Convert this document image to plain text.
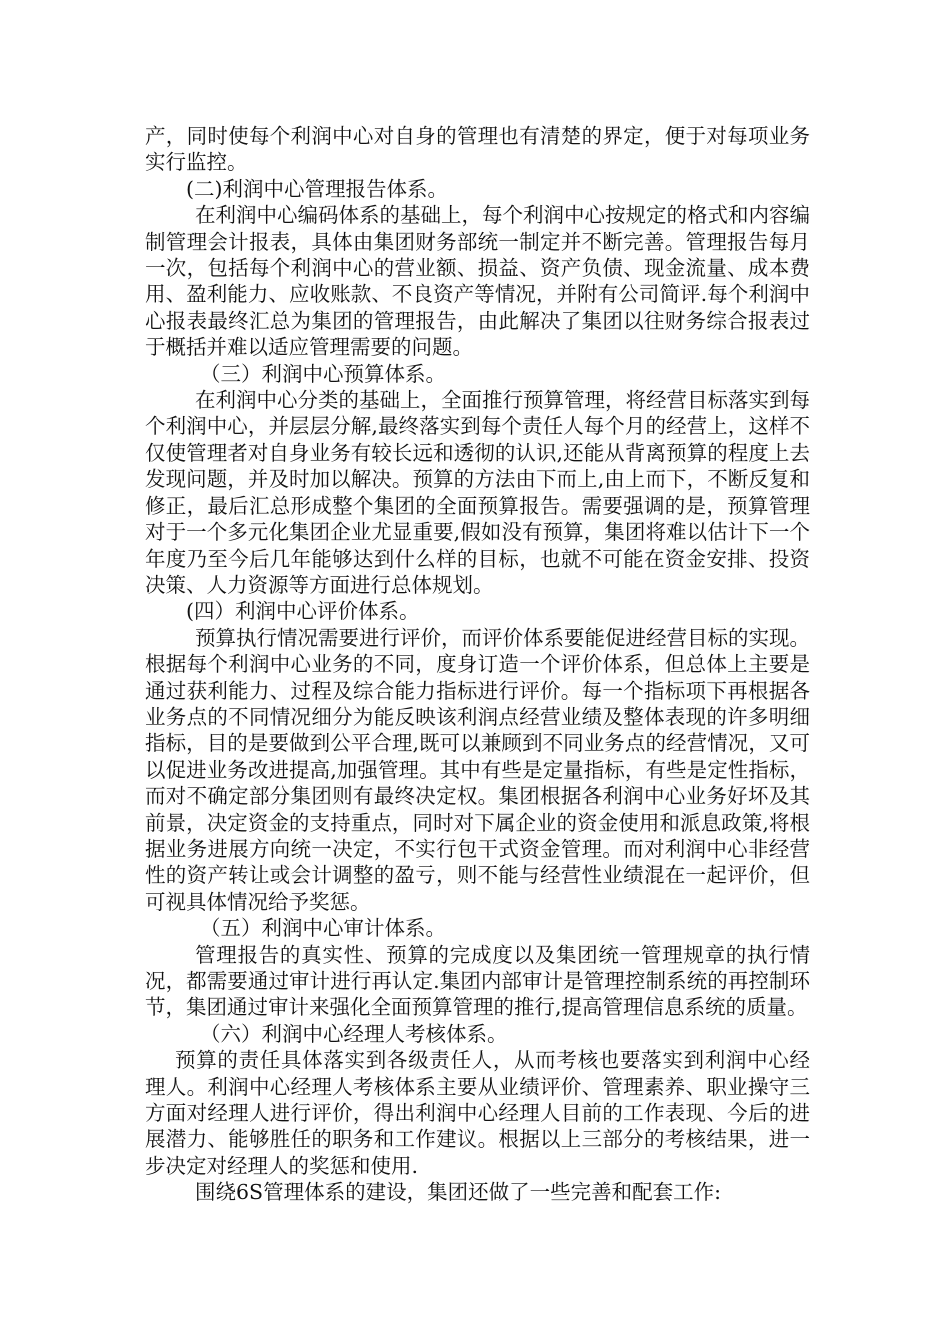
产，同时使每个利润中心对自身的管理也有清楚的界定，便于对每项业务实行监控。

(二)利润中心管理报告体系。

在利润中心编码体系的基础上，每个利润中心按规定的格式和内容编制管理会计报表，具体由集团财务部统一制定并不断完善。管理报告每月一次，包括每个利润中心的营业额、损益、资产负债、现金流量、成本费用、盈利能力、应收账款、不良资产等情况，并附有公司简评.每个利润中心报表最终汇总为集团的管理报告，由此解决了集团以往财务综合报表过于概括并难以适应管理需要的问题。

（三）利润中心预算体系。

在利润中心分类的基础上，全面推行预算管理，将经营目标落实到每个利润中心，并层层分解,最终落实到每个责任人每个月的经营上，这样不仅使管理者对自身业务有较长远和透彻的认识,还能从背离预算的程度上去发现问题，并及时加以解决。预算的方法由下而上,由上而下，不断反复和修正，最后汇总形成整个集团的全面预算报告。需要强调的是，预算管理对于一个多元化集团企业尤显重要,假如没有预算，集团将难以估计下一个年度乃至今后几年能够达到什么样的目标，也就不可能在资金安排、投资决策、人力资源等方面进行总体规划。

(四）利润中心评价体系。

预算执行情况需要进行评价，而评价体系要能促进经营目标的实现。根据每个利润中心业务的不同，度身订造一个评价体系，但总体上主要是通过获利能力、过程及综合能力指标进行评价。每一个指标项下再根据各业务点的不同情况细分为能反映该利润点经营业绩及整体表现的许多明细指标，目的是要做到公平合理,既可以兼顾到不同业务点的经营情况，又可以促进业务改进提高,加强管理。其中有些是定量指标，有些是定性指标，而对不确定部分集团则有最终决定权。集团根据各利润中心业务好坏及其前景，决定资金的支持重点，同时对下属企业的资金使用和派息政策,将根据业务进展方向统一决定，不实行包干式资金管理。而对利润中心非经营性的资产转让或会计调整的盈亏，则不能与经营性业绩混在一起评价，但可视具体情况给予奖惩。

（五）利润中心审计体系。

管理报告的真实性、预算的完成度以及集团统一管理规章的执行情况，都需要通过审计进行再认定.集团内部审计是管理控制系统的再控制环节，集团通过审计来强化全面预算管理的推行,提高管理信息系统的质量。

（六）利润中心经理人考核体系。

预算的责任具体落实到各级责任人，从而考核也要落实到利润中心经理人。利润中心经理人考核体系主要从业绩评价、管理素养、职业操守三方面对经理人进行评价，得出利润中心经理人目前的工作表现、今后的进展潜力、能够胜任的职务和工作建议。根据以上三部分的考核结果，进一步决定对经理人的奖惩和使用.

围绕6S管理体系的建设，集团还做了一些完善和配套工作:
